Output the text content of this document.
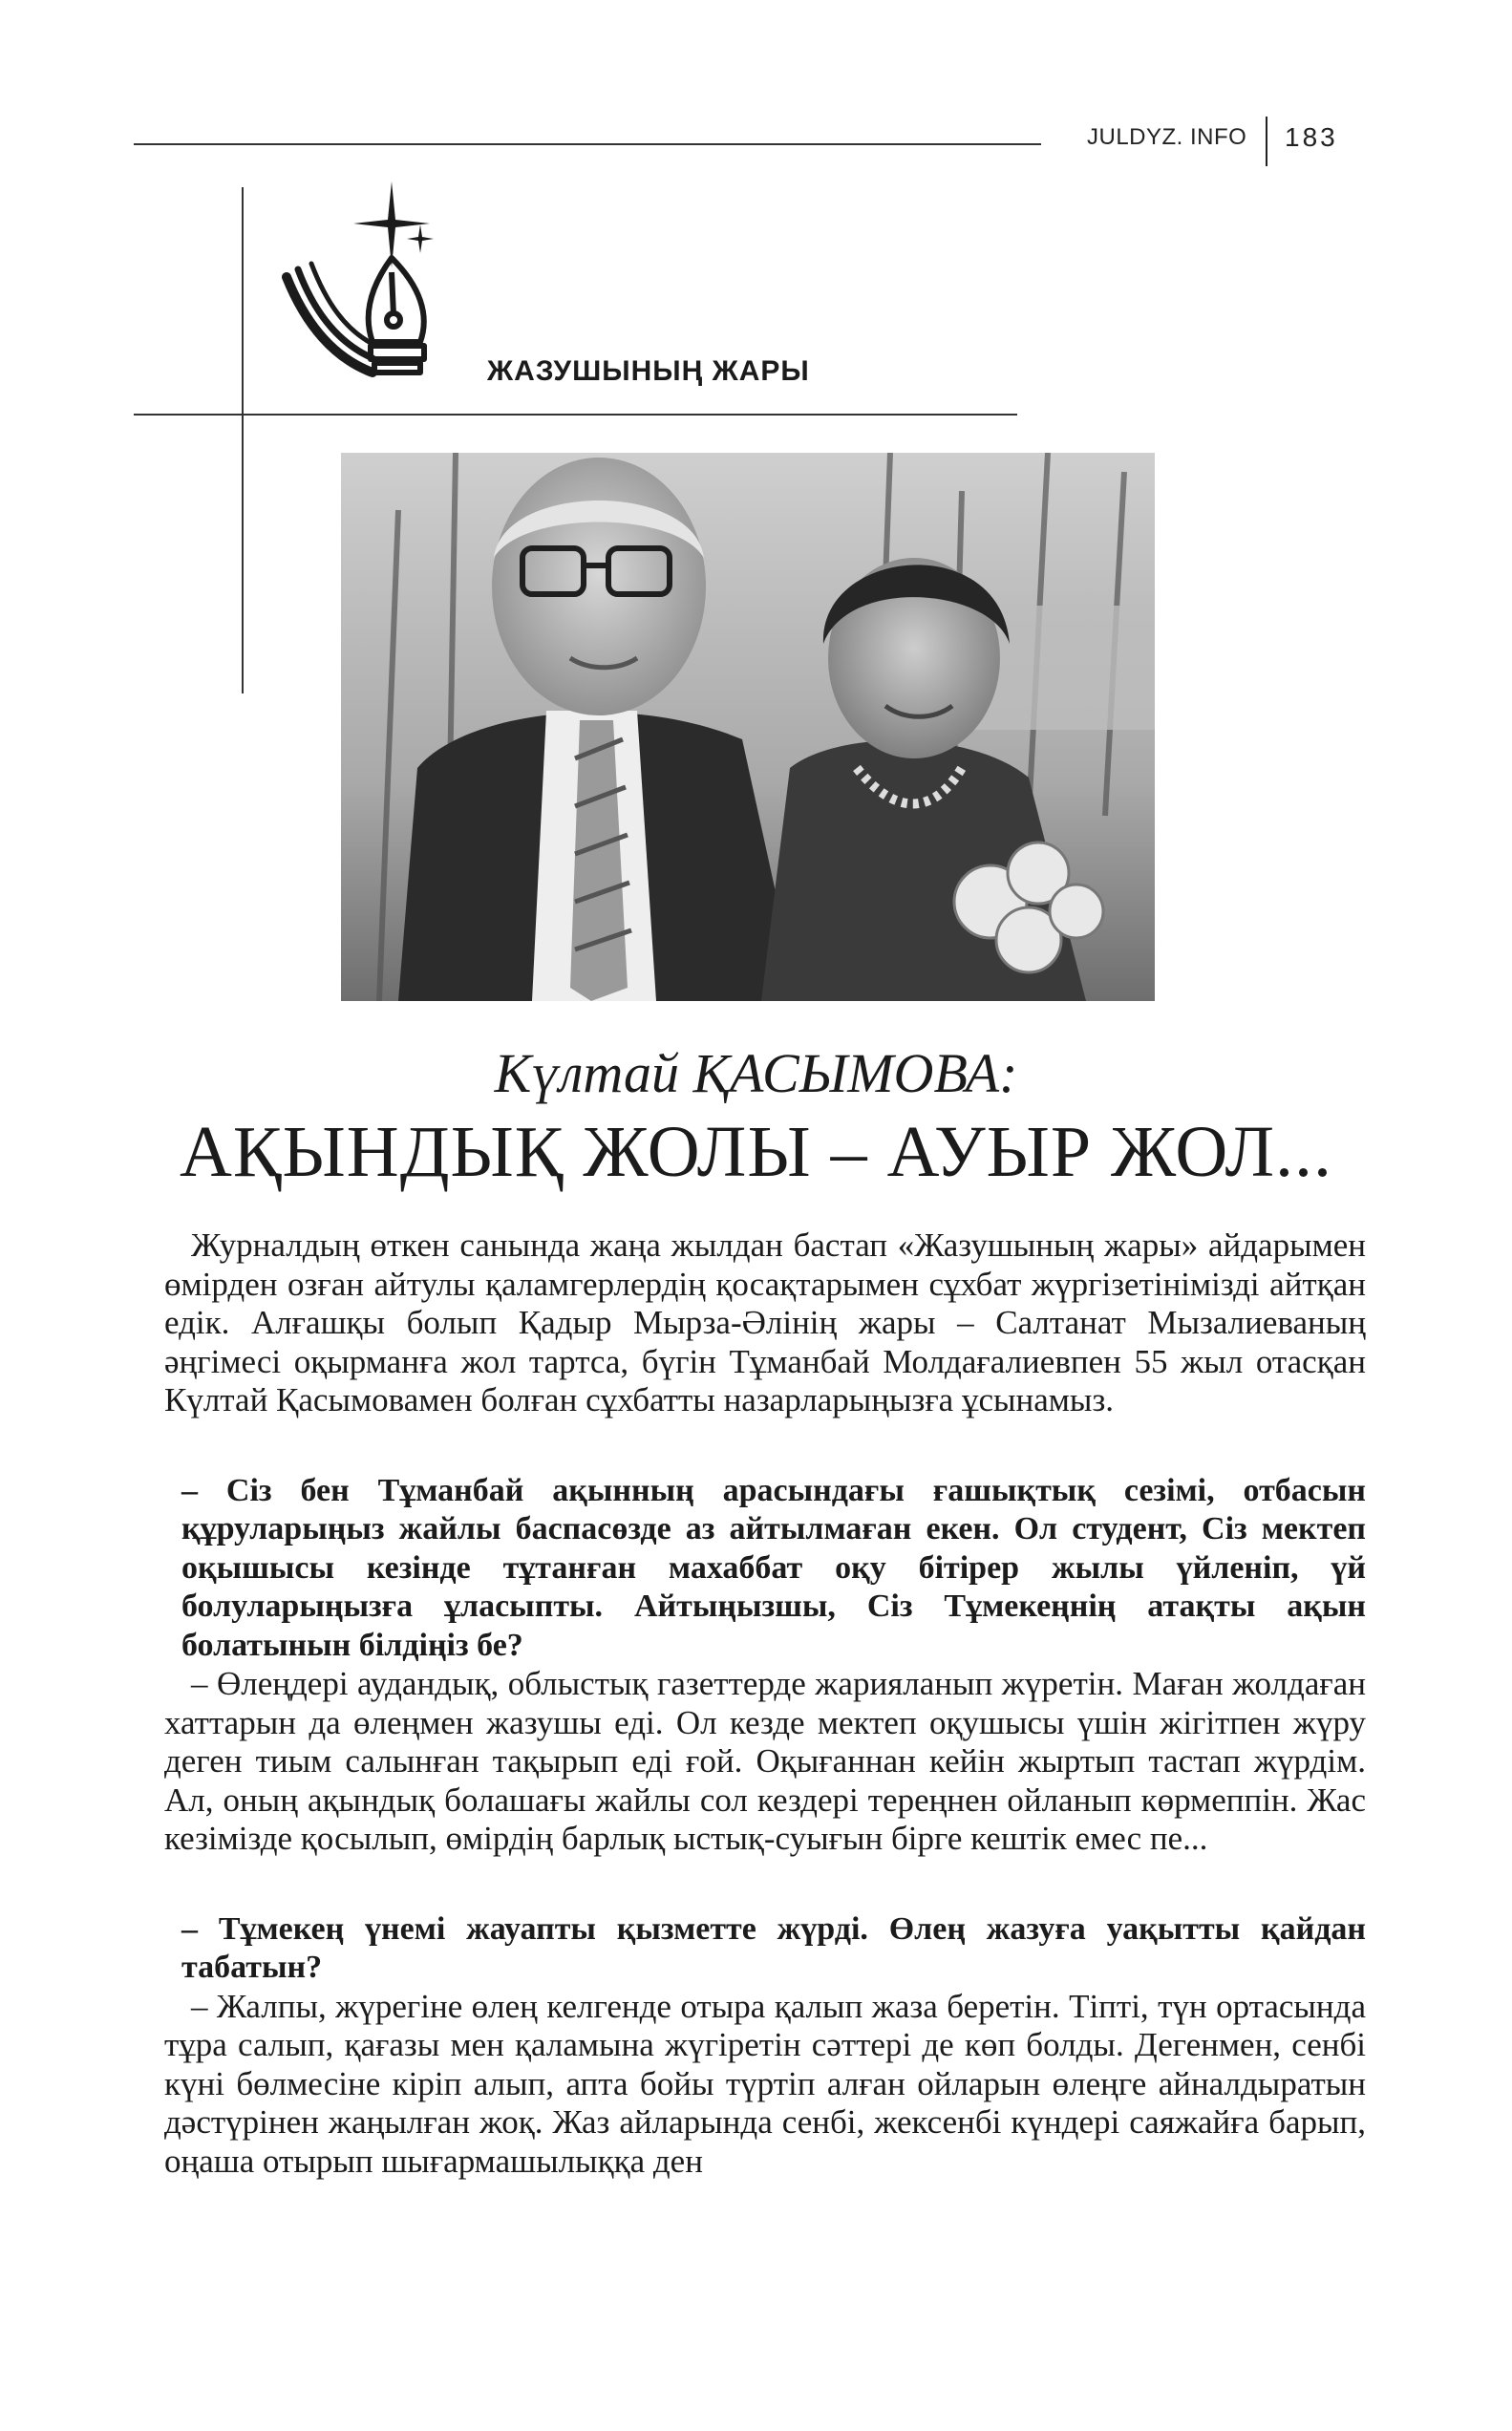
JULDYZ. INFO 183
ЖАЗУШЫНЫҢ ЖАРЫ
Күлтай ҚАСЫМОВА:
АҚЫНДЫҚ ЖОЛЫ – АУЫР ЖОЛ...

Журналдың өткен санында жаңа жылдан бастап «Жазушының жары» айдарымен өмірден озған айтулы қаламгерлердің қосақтарымен сұхбат жүргізетінімізді айтқан едік. Алғашқы болып Қадыр Мырза-Әлінің жары – Салтанат Мызалиеваның әңгімесі оқырманға жол тартса, бүгін Тұманбай Молдағалиевпен 55 жыл отасқан Күлтай Қасымовамен болған сұхбатты назарларыңызға ұсынамыз.

– Сіз бен Тұманбай ақынның арасындағы ғашықтық сезімі, отбасын құруларыңыз жайлы баспасөзде аз айтылмаған екен. Ол студент, Сіз мектеп оқышысы кезінде тұтанған махаббат оқу бітірер жылы үйленіп, үй болуларыңызға ұласыпты. Айтыңызшы, Сіз Тұмекеңнің атақты ақын болатынын білдіңіз бе?

– Өлеңдері аудандық, облыстық газеттерде жарияланып жүретін. Маған жолдаған хаттарын да өлеңмен жазушы еді. Ол кезде мектеп оқушысы үшін жігітпен жүру деген тиым салынған тақырып еді ғой. Оқығаннан кейін жыртып тастап жүрдім. Ал, оның ақындық болашағы жайлы сол кездері тереңнен ойланып көрмеппін. Жас кезімізде қосылып, өмірдің барлық ыстық-суығын бірге кештік емес пе...

– Тұмекең үнемі жауапты қызметте жүрді. Өлең жазуға уақытты қайдан табатын?

– Жалпы, жүрегіне өлең келгенде отыра қалып жаза беретін. Тіпті, түн ортасында тұра салып, қағазы мен қаламына жүгіретін сәттері де көп болды. Дегенмен, сенбі күні бөлмесіне кіріп алып, апта бойы түртіп алған ойларын өлеңге айналдыратын дәстүрінен жаңылған жоқ. Жаз айларында сенбі, жексенбі күндері саяжайға барып, оңаша отырып шығармашылыққа ден
